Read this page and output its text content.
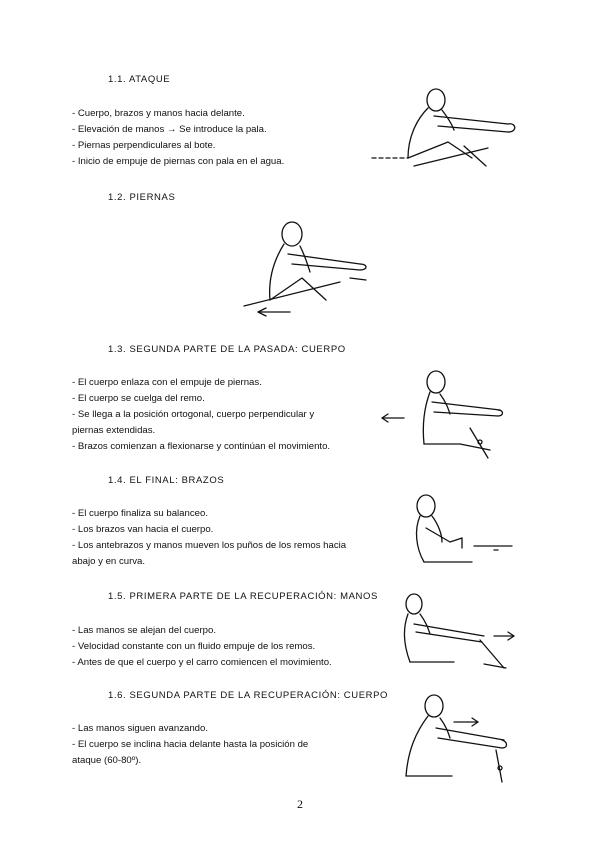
1.1. ATAQUE
- Cuerpo, brazos y manos hacia delante.
- Elevación de manos → Se introduce la pala.
- Piernas perpendiculares al bote.
- Inicio de empuje de piernas con pala en el agua.
1.2. PIERNAS
1.3. SEGUNDA PARTE DE LA PASADA: CUERPO
- El cuerpo enlaza con el empuje de piernas.
- El cuerpo se cuelga del remo.
- Se llega a la posición ortogonal, cuerpo perpendicular y
piernas extendidas.
- Brazos comienzan a flexionarse y continúan el movimiento.
1.4. EL FINAL: BRAZOS
- El cuerpo finaliza su balanceo.
- Los brazos van hacia el cuerpo.
- Los antebrazos y manos mueven los puños de los remos hacia
abajo y en curva.
1.5. PRIMERA PARTE DE LA RECUPERACIÓN: MANOS
- Las manos se alejan del cuerpo.
- Velocidad constante con un fluido empuje de los remos.
- Antes de que el cuerpo y el carro comiencen el movimiento.
1.6. SEGUNDA PARTE DE LA RECUPERACIÓN: CUERPO
- Las manos siguen avanzando.
- El cuerpo se inclina hacia delante hasta la posición de
ataque (60-80º).
2
